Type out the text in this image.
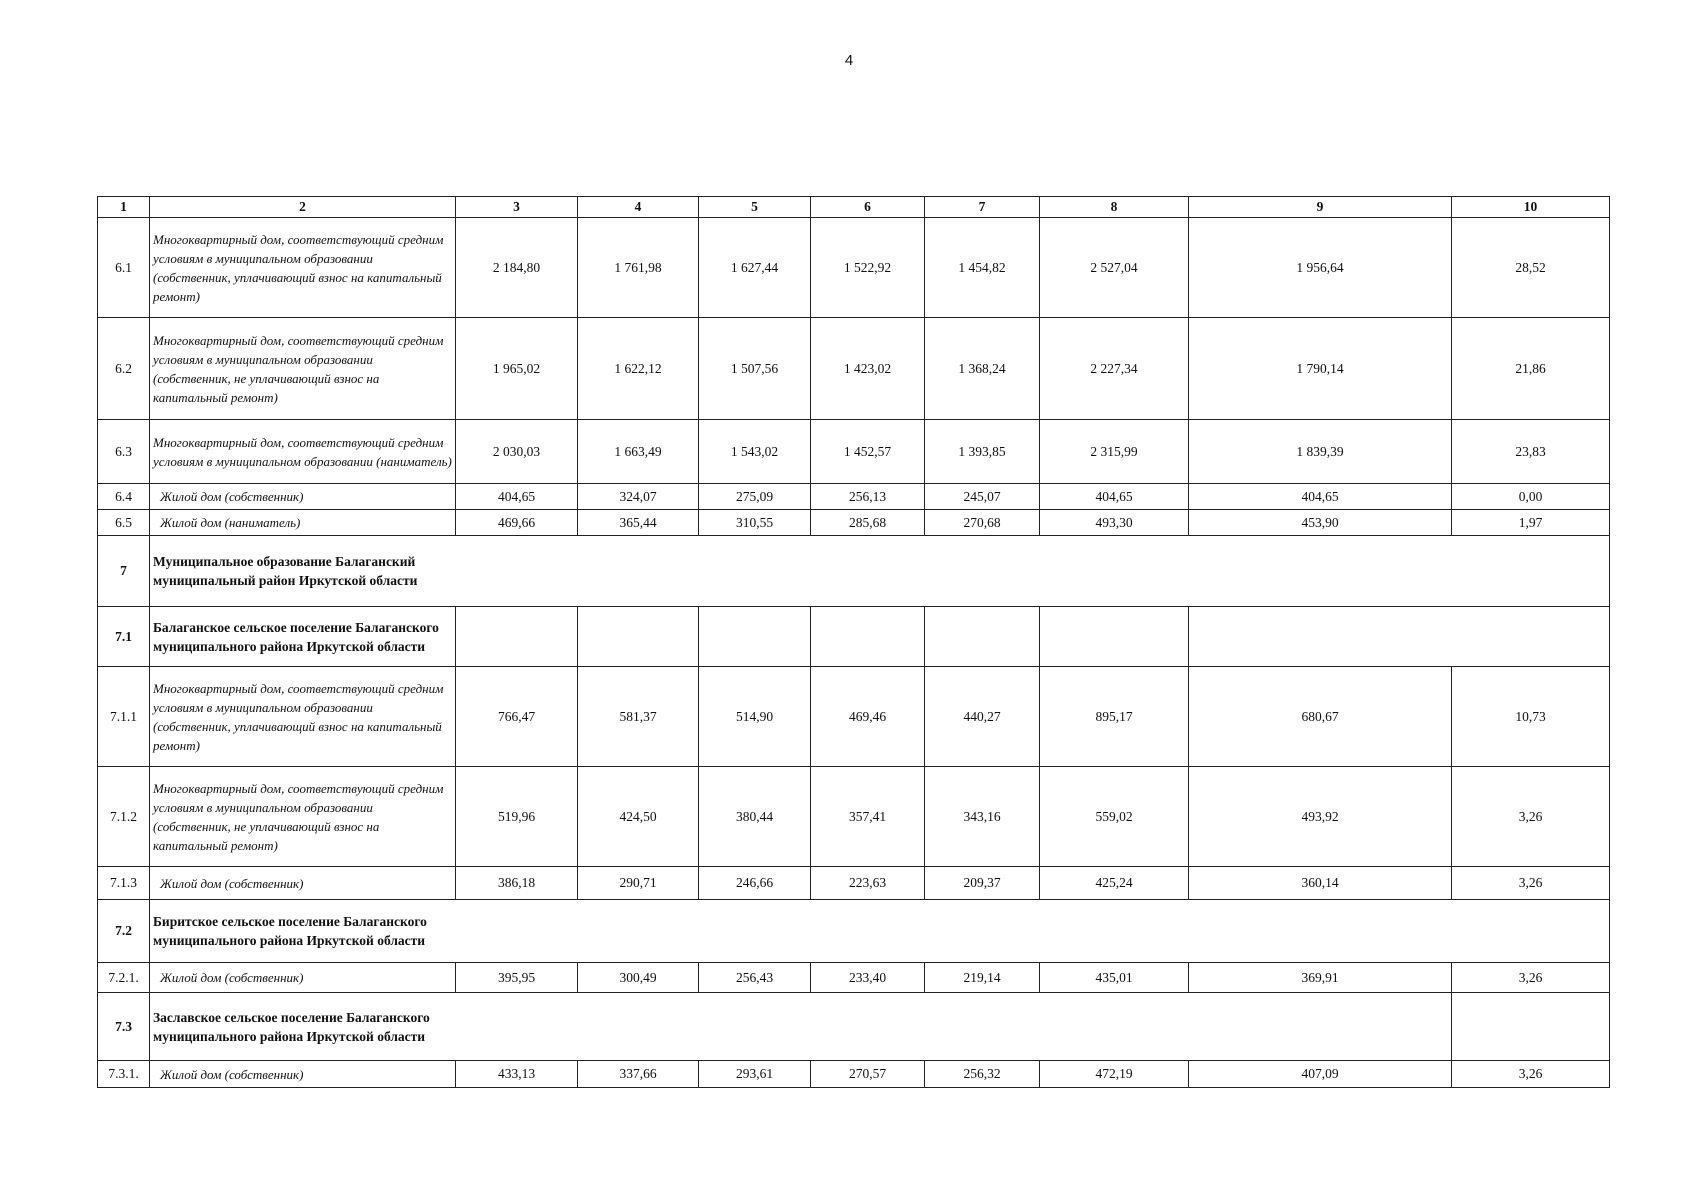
4
1	2	3	4	5	6	7	8	9	10
6.1	Многоквартирный дом, соответствующий средним условиям в муниципальном образовании (собственник, уплачивающий взнос на капитальный ремонт)	2 184,80	1 761,98	1 627,44	1 522,92	1 454,82	2 527,04	1 956,64	28,52
6.2	Многоквартирный дом, соответствующий средним условиям в муниципальном образовании (собственник, не уплачивающий взнос на капитальный ремонт)	1 965,02	1 622,12	1 507,56	1 423,02	1 368,24	2 227,34	1 790,14	21,86
6.3	Многоквартирный дом, соответствующий средним условиям в муниципальном образовании (наниматель)	2 030,03	1 663,49	1 543,02	1 452,57	1 393,85	2 315,99	1 839,39	23,83
6.4	Жилой дом (собственник)	404,65	324,07	275,09	256,13	245,07	404,65	404,65	0,00
6.5	Жилой дом (наниматель)	469,66	365,44	310,55	285,68	270,68	493,30	453,90	1,97
7	Муниципальное образование Балаганский муниципальный район Иркутской области								

7.1	Балаганское сельское поселение Балаганского муниципального района Иркутской области								
7.1.1	Многоквартирный дом, соответствующий средним условиям в муниципальном образовании (собственник, уплачивающий взнос на капитальный ремонт)	766,47	581,37	514,90	469,46	440,27	895,17	680,67	10,73
7.1.2	Многоквартирный дом, соответствующий средним условиям в муниципальном образовании (собственник, не уплачивающий взнос на капитальный ремонт)	519,96	424,50	380,44	357,41	343,16	559,02	493,92	3,26
7.1.3	Жилой дом (собственник)	386,18	290,71	246,66	223,63	209,37	425,24	360,14	3,26
7.2	Биритское сельское поселение Балаганского муниципального района Иркутской области								

7.2.1.	Жилой дом (собственник)	395,95	300,49	256,43	233,40	219,14	435,01	369,91	3,26
7.3	Заславское сельское поселение Балаганского муниципального района Иркутской области								

7.3.1.	Жилой дом (собственник)	433,13	337,66	293,61	270,57	256,32	472,19	407,09	3,26
